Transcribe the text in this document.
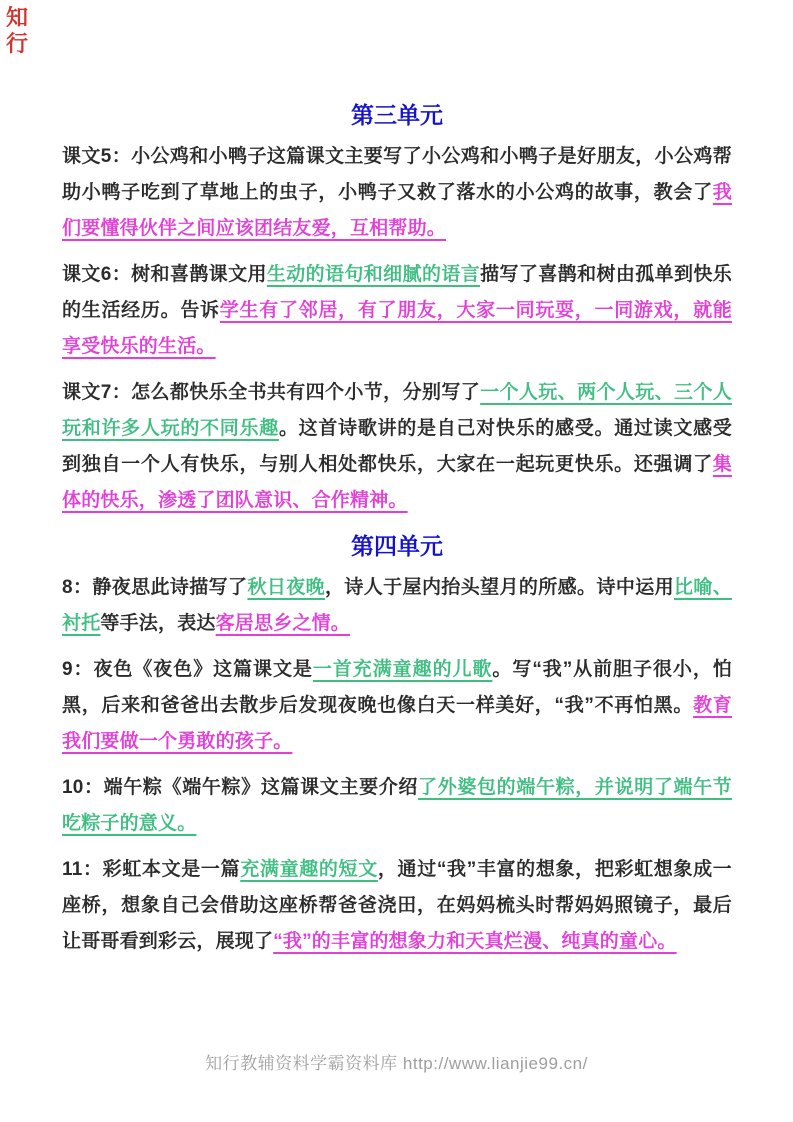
知行
第三单元

课文5：小公鸡和小鸭子这篇课文主要写了小公鸡和小鸭子是好朋友，小公鸡帮助小鸭子吃到了草地上的虫子，小鸭子又救了落水的小公鸡的故事，教会了我们要懂得伙伴之间应该团结友爱，互相帮助。

课文6：树和喜鹊课文用生动的语句和细腻的语言描写了喜鹊和树由孤单到快乐的生活经历。告诉学生有了邻居，有了朋友，大家一同玩耍，一同游戏，就能享受快乐的生活。

课文7：怎么都快乐全书共有四个小节，分别写了一个人玩、两个人玩、三个人玩和许多人玩的不同乐趣。这首诗歌讲的是自己对快乐的感受。通过读文感受到独自一个人有快乐，与别人相处都快乐，大家在一起玩更快乐。还强调了集体的快乐，渗透了团队意识、合作精神。

第四单元

8：静夜思此诗描写了秋日夜晚，诗人于屋内抬头望月的所感。诗中运用比喻、衬托等手法，表达客居思乡之情。

9：夜色《夜色》这篇课文是一首充满童趣的儿歌。写“我”从前胆子很小，怕黑，后来和爸爸出去散步后发现夜晚也像白天一样美好，“我”不再怕黑。教育我们要做一个勇敢的孩子。

10：端午粽《端午粽》这篇课文主要介绍了外婆包的端午粽，并说明了端午节吃粽子的意义。

11：彩虹本文是一篇充满童趣的短文，通过“我”丰富的想象，把彩虹想象成一座桥，想象自己会借助这座桥帮爸爸浇田，在妈妈梳头时帮妈妈照镜子，最后让哥哥看到彩云，展现了“我”的丰富的想象力和天真烂漫、纯真的童心。

知行教辅资料学霸资料库 http://www.lianjie99.cn/
